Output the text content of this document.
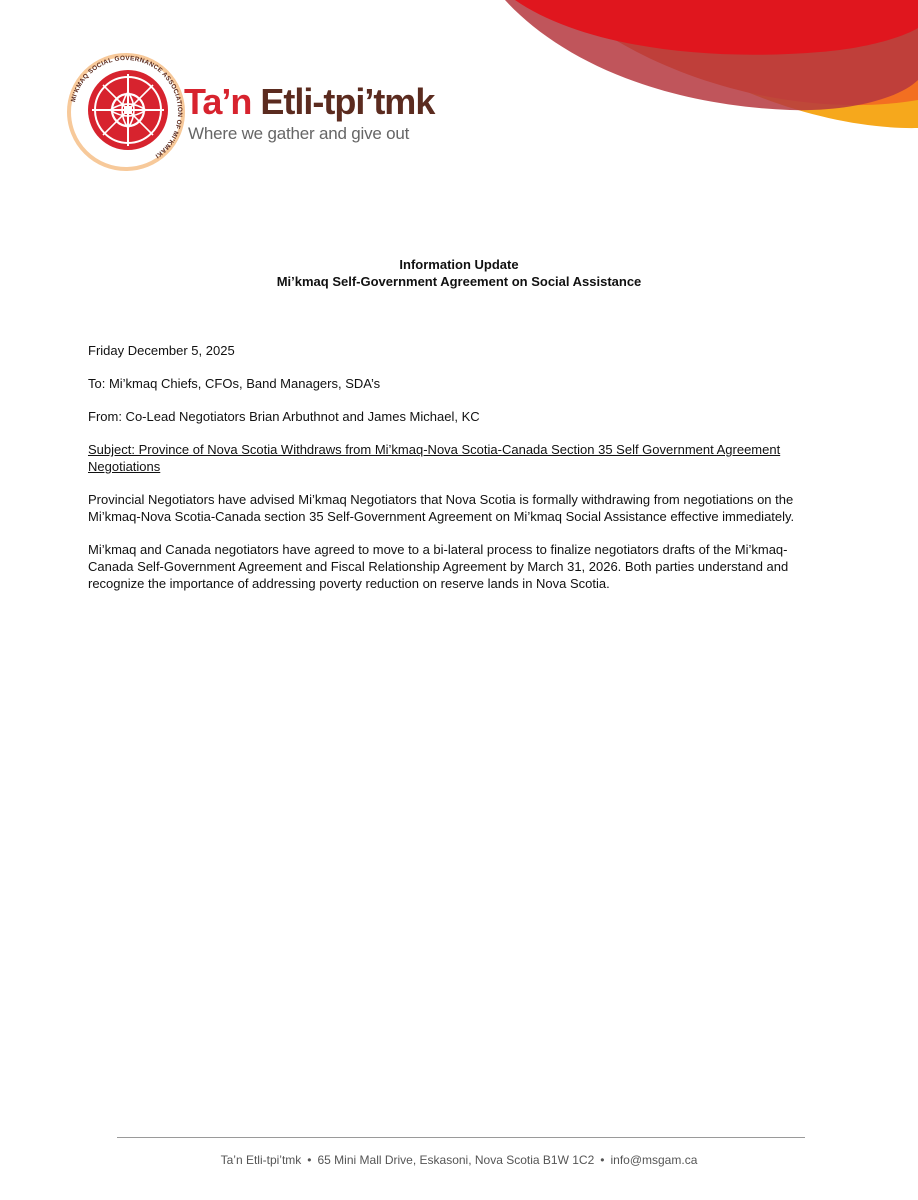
MI’KMAQ SOCIAL GOVERNANCE ASSOCIATION OF MI’KMAKI
Ta’n Etli-tpi’tmk
Where we gather and give out
Information Update
Mi’kmaq Self-Government Agreement on Social Assistance

Friday December 5, 2025

To: Mi’kmaq Chiefs, CFOs, Band Managers, SDA’s

From: Co-Lead Negotiators Brian Arbuthnot and James Michael, KC

Subject: Province of Nova Scotia Withdraws from Mi’kmaq-Nova Scotia-Canada Section 35 Self Government Agreement Negotiations

Provincial Negotiators have advised Mi’kmaq Negotiators that Nova Scotia is formally withdrawing from negotiations on the Mi’kmaq-Nova Scotia-Canada section 35 Self-Government Agreement on Mi’kmaq Social Assistance effective immediately.

Mi’kmaq and Canada negotiators have agreed to move to a bi-lateral process to finalize negotiators drafts of the Mi’kmaq-Canada Self-Government Agreement and Fiscal Relationship Agreement by March 31, 2026. Both parties understand and recognize the importance of addressing poverty reduction on reserve lands in Nova Scotia.

Ta’n Etli-tpi’tmk • 65 Mini Mall Drive, Eskasoni, Nova Scotia B1W 1C2 • info@msgam.ca
